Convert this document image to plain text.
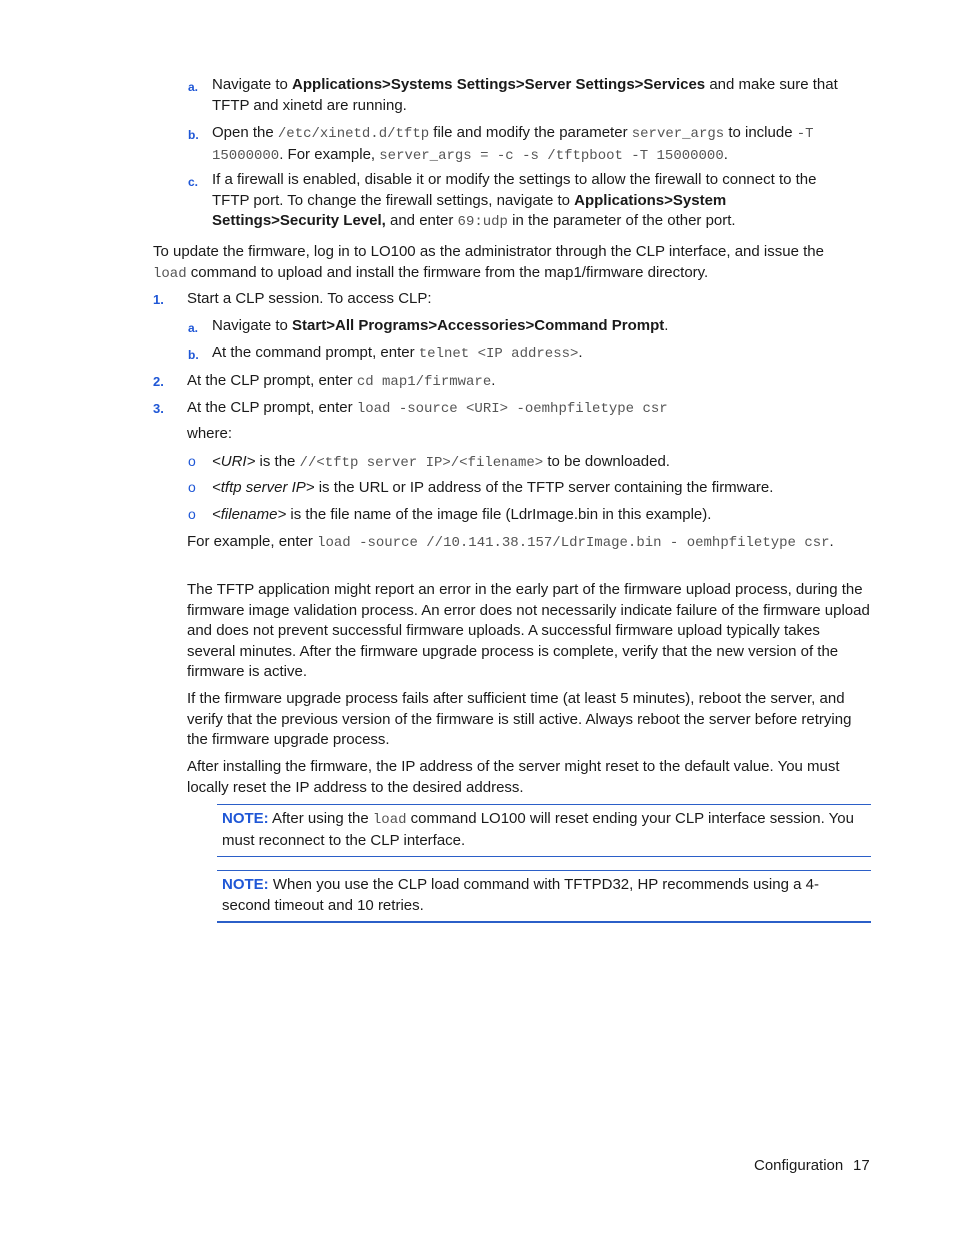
a. Navigate to Applications>Systems Settings>Server Settings>Services and make sure that TFTP and xinetd are running.
b. Open the /etc/xinetd.d/tftp file and modify the parameter server_args to include -T 15000000. For example, server_args = -c -s /tftpboot -T 15000000.
c. If a firewall is enabled, disable it or modify the settings to allow the firewall to connect to the TFTP port. To change the firewall settings, navigate to Applications>System Settings>Security Level, and enter 69:udp in the parameter of the other port.
To update the firmware, log in to LO100 as the administrator through the CLP interface, and issue the load command to upload and install the firmware from the map1/firmware directory.
1. Start a CLP session. To access CLP:
a. Navigate to Start>All Programs>Accessories>Command Prompt.
b. At the command prompt, enter telnet <IP address>.
2. At the CLP prompt, enter cd map1/firmware.
3. At the CLP prompt, enter load -source <URI> -oemhpfiletype csr
where:
o <URI> is the //<tftp server IP>/<filename> to be downloaded.
o <tftp server IP> is the URL or IP address of the TFTP server containing the firmware.
o <filename> is the file name of the image file (LdrImage.bin in this example).
For example, enter load -source //10.141.38.157/LdrImage.bin - oemhpfiletype csr.
The TFTP application might report an error in the early part of the firmware upload process, during the firmware image validation process. An error does not necessarily indicate failure of the firmware upload and does not prevent successful firmware uploads. A successful firmware upload typically takes several minutes. After the firmware upgrade process is complete, verify that the new version of the firmware is active.
If the firmware upgrade process fails after sufficient time (at least 5 minutes), reboot the server, and verify that the previous version of the firmware is still active. Always reboot the server before retrying the firmware upgrade process.
After installing the firmware, the IP address of the server might reset to the default value. You must locally reset the IP address to the desired address.
NOTE: After using the load command LO100 will reset ending your CLP interface session. You must reconnect to the CLP interface.
NOTE: When you use the CLP load command with TFTPD32, HP recommends using a 4-second timeout and 10 retries.
Configuration 17
